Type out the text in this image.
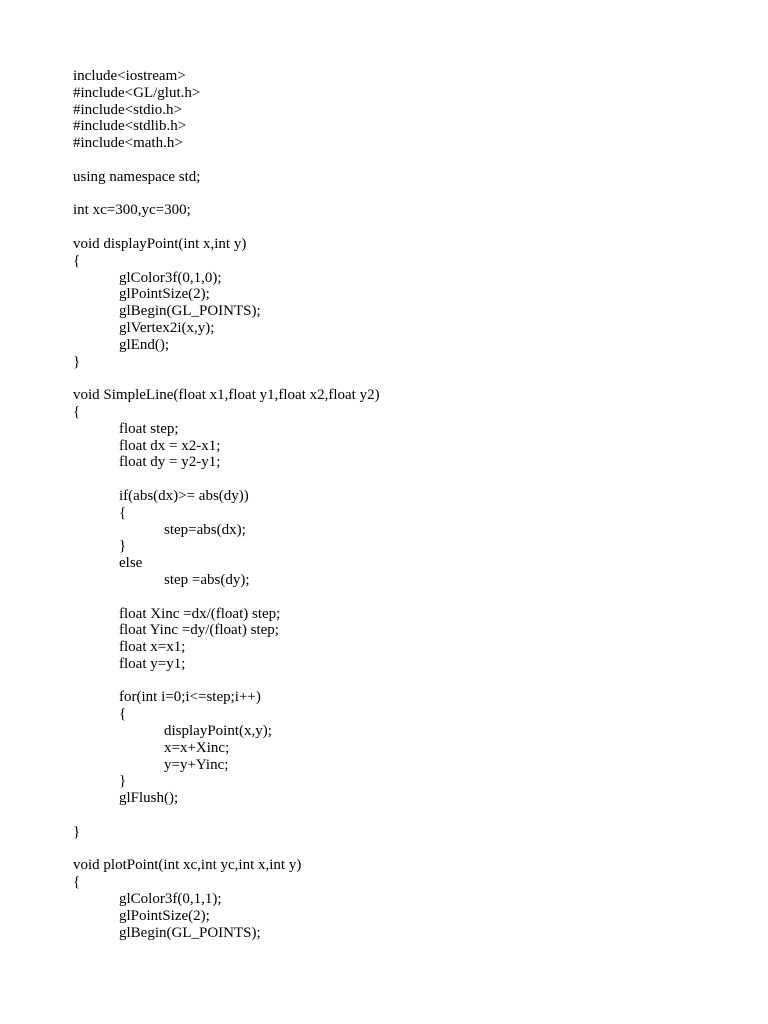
include<iostream>
#include<GL/glut.h>
#include<stdio.h>
#include<stdlib.h>
#include<math.h>
using namespace std;
int xc=300,yc=300;
void displayPoint(int x,int y)
{
glColor3f(0,1,0);
glPointSize(2);
glBegin(GL_POINTS);
glVertex2i(x,y);
glEnd();
}
void SimpleLine(float x1,float y1,float x2,float y2)
{
float step;
float dx = x2-x1;
float dy = y2-y1;
if(abs(dx)>= abs(dy))
{
step=abs(dx);
}
else
step =abs(dy);
float Xinc =dx/(float) step;
float Yinc =dy/(float) step;
float x=x1;
float y=y1;
for(int i=0;i<=step;i++)
{
displayPoint(x,y);
x=x+Xinc;
y=y+Yinc;
}
glFlush();
}
void plotPoint(int xc,int yc,int x,int y)
{
glColor3f(0,1,1);
glPointSize(2);
glBegin(GL_POINTS);
